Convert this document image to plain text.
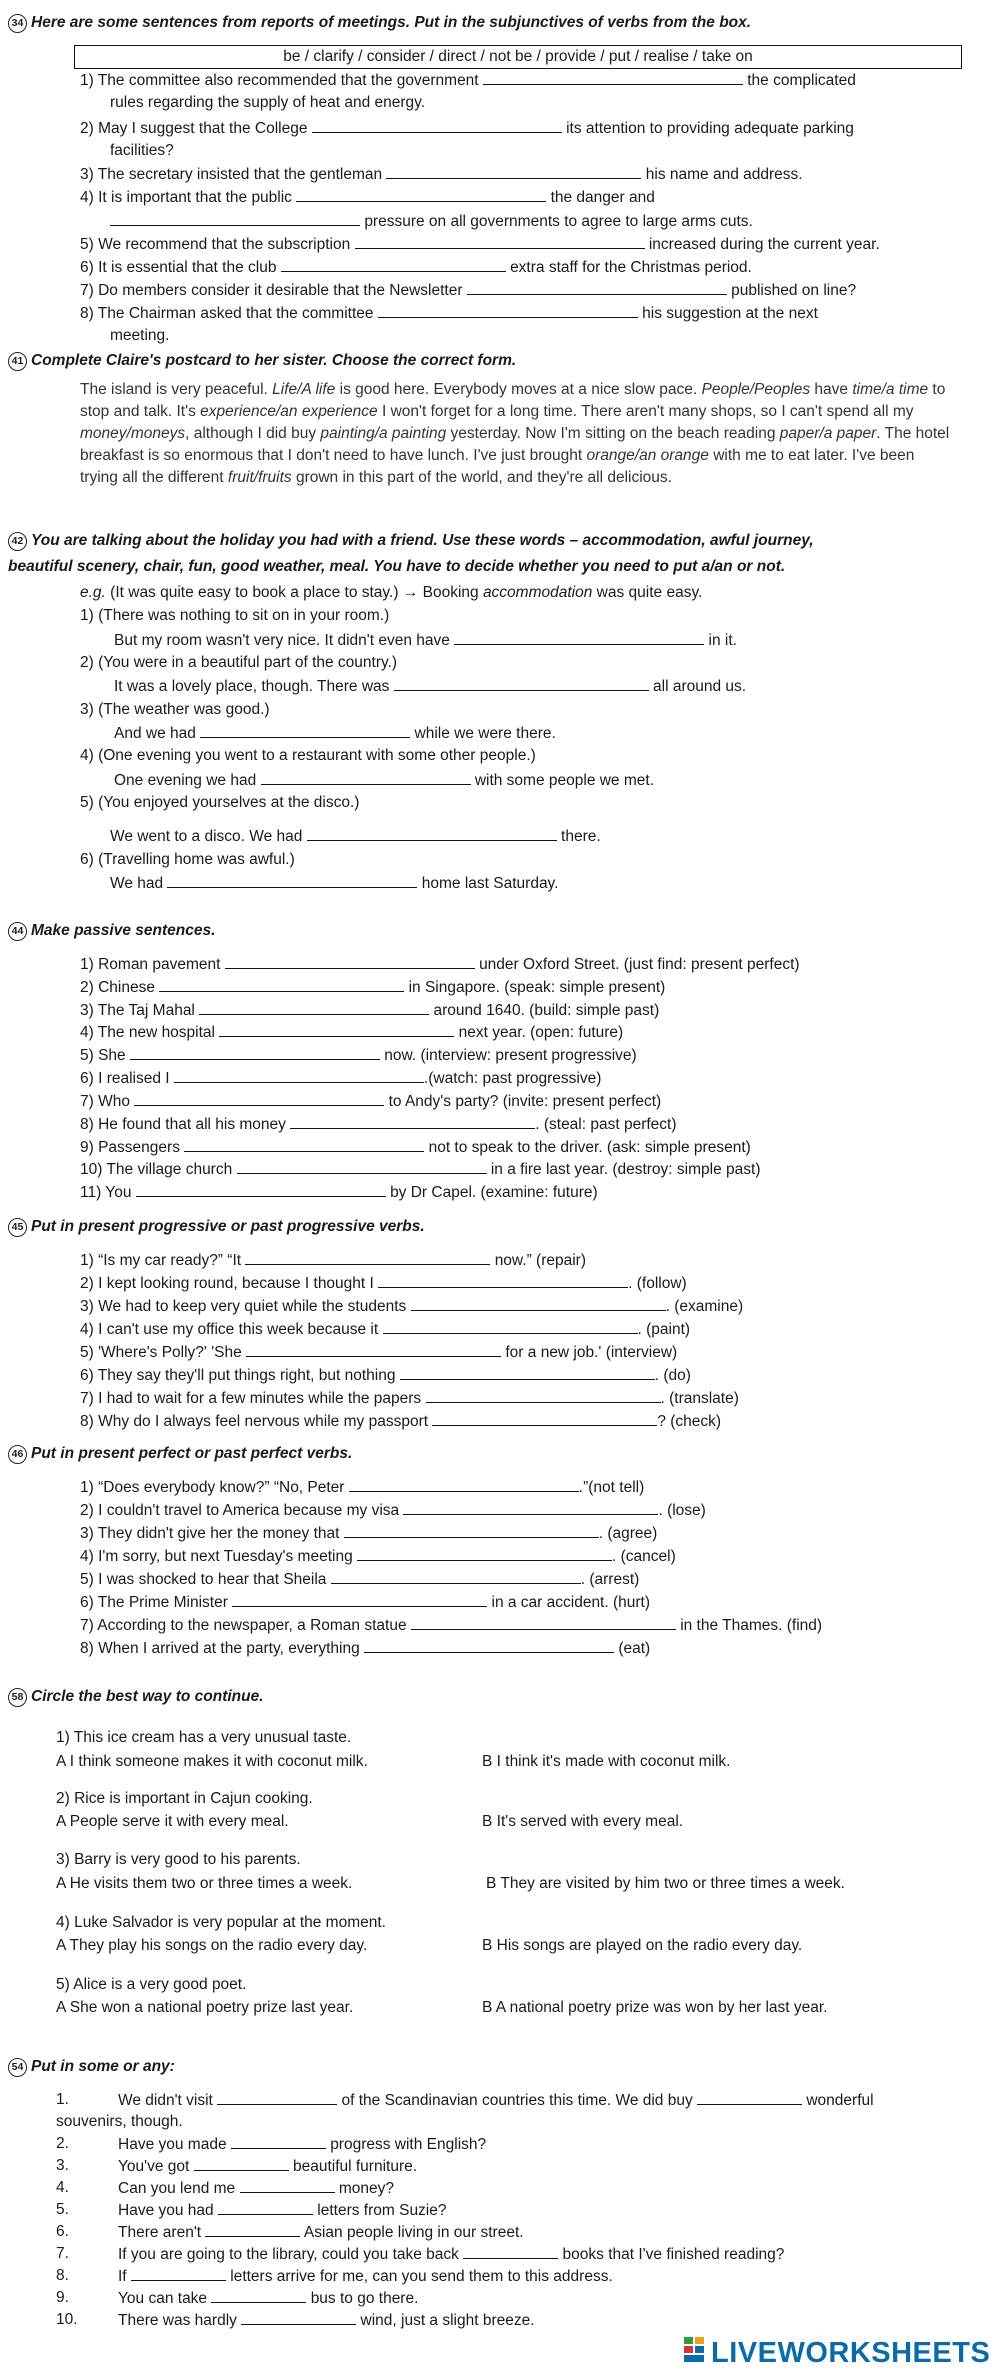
34 Here are some sentences from reports of meetings. Put in the subjunctives of verbs from the box.
be / clarify / consider / direct / not be / provide / put / realise / take on
1) The committee also recommended that the government	the complicated
rules regarding the supply of heat and energy.
2) May I suggest that the College	its attention to providing adequate parking
facilities?
3) The secretary insisted that the gentleman	his name and address.
4) It is important that the public	the danger and
pressure on all governments to agree to large arms cuts.
5) We recommend that the subscription	increased during the current year.
6) It is essential that the club	extra staff for the Christmas period.
7) Do members consider it desirable that the Newsletter	published on line?
8) The Chairman asked that the committee	his suggestion at the next
meeting.
41 Complete Claire's postcard to her sister. Choose the correct form.

The island is very peaceful. Life/A life is good here. Everybody moves at a nice slow pace. People/Peoples have time/a time to stop and talk. It's experience/an experience I won't forget for a long time. There aren't many shops, so I can't spend all my money/moneys, although I did buy painting/a painting yesterday. Now I'm sitting on the beach reading paper/a paper. The hotel breakfast is so enormous that I don't need to have lunch. I've just brought orange/an orange with me to eat later. I've been trying all the different fruit/fruits grown in this part of the world, and they're all delicious.

42 You are talking about the holiday you had with a friend. Use these words – accommodation, awful journey,
beautiful scenery, chair, fun, good weather, meal. You have to decide whether you need to put a/an or not.
e.g. (It was quite easy to book a place to stay.) → Booking accommodation was quite easy.
1) (There was nothing to sit on in your room.)
But my room wasn't very nice. It didn't even have	in it.
2) (You were in a beautiful part of the country.)
It was a lovely place, though. There was	all around us.
3) (The weather was good.)
And we had	while we were there.
4) (One evening you went to a restaurant with some other people.)
One evening we had	with some people we met.
5) (You enjoyed yourselves at the disco.)
We went to a disco. We had	there.
6) (Travelling home was awful.)
We had	home last Saturday.
44 Make passive sentences.
1) Roman pavement	under Oxford Street. (just find: present perfect)
2) Chinese	in Singapore. (speak: simple present)
3) The Taj Mahal	around 1640. (build: simple past)
4) The new hospital	next year. (open: future)
5) She	now. (interview: present progressive)
6) I realised I	.(watch: past progressive)
7) Who	to Andy's party? (invite: present perfect)
8) He found that all his money	. (steal: past perfect)
9) Passengers	not to speak to the driver. (ask: simple present)
10) The village church	in a fire last year. (destroy: simple past)
11) You	by Dr Capel. (examine: future)
45 Put in present progressive or past progressive verbs.
1) “Is my car ready?” “It	now.” (repair)
2) I kept looking round, because I thought I	. (follow)
3) We had to keep very quiet while the students	. (examine)
4) I can't use my office this week because it	. (paint)
5) 'Where's Polly?' 'She	for a new job.' (interview)
6) They say they'll put things right, but nothing	. (do)
7) I had to wait for a few minutes while the papers	. (translate)
8) Why do I always feel nervous while my passport	? (check)
46 Put in present perfect or past perfect verbs.
1) “Does everybody know?” “No, Peter	.”(not tell)
2) I couldn't travel to America because my visa	. (lose)
3) They didn't give her the money that	. (agree)
4) I'm sorry, but next Tuesday's meeting	. (cancel)
5) I was shocked to hear that Sheila	. (arrest)
6) The Prime Minister	in a car accident. (hurt)
7) According to the newspaper, a Roman statue	in the Thames. (find)
8) When I arrived at the party, everything	(eat)
58 Circle the best way to continue.
1) This ice cream has a very unusual taste.
A I think someone makes it with coconut milk.	B I think it's made with coconut milk.
2) Rice is important in Cajun cooking.
A People serve it with every meal.	B It's served with every meal.
3) Barry is very good to his parents.
A He visits them two or three times a week.	B They are visited by him two or three times a week.
4) Luke Salvador is very popular at the moment.
A They play his songs on the radio every day.	B His songs are played on the radio every day.
5) Alice is a very good poet.
A She won a national poetry prize last year.	B A national poetry prize was won by her last year.
54 Put in some or any:
1.	We didn't visit	of the Scandinavian countries this time. We did buy	wonderful
souvenirs, though.
2.	Have you made	progress with English?
3.	You've got	beautiful furniture.
4.	Can you lend me	money?
5.	Have you had	letters from Suzie?
6.	There aren't	Asian people living in our street.
7.	If you are going to the library, could you take back	books that I've finished reading?
8.	If	letters arrive for me, can you send them to this address.
9.	You can take	bus to go there.
10.	There was hardly	wind, just a slight breeze.
LIVEWORKSHEETS
